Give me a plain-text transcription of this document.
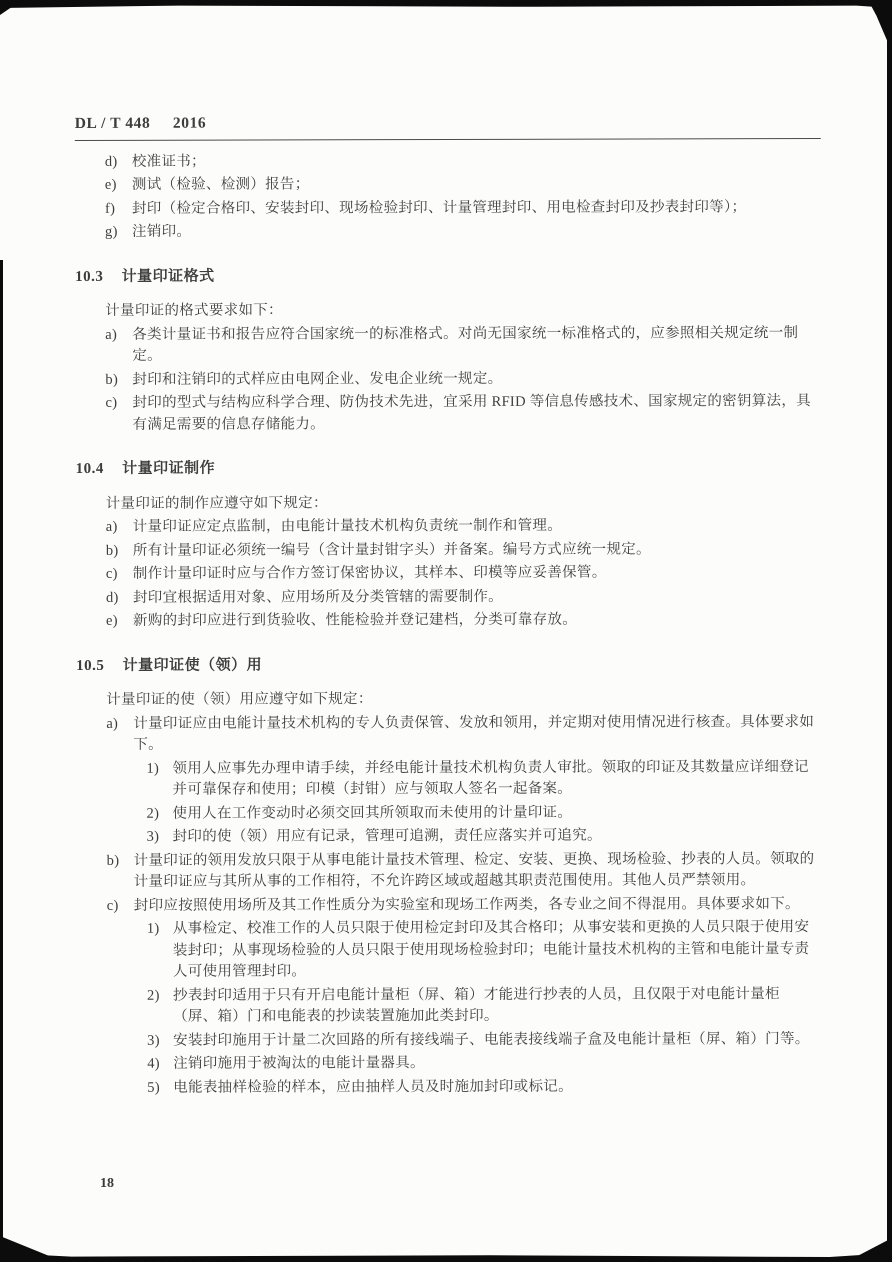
DL / T 448 2016
d) 校准证书；
e)	测试（检验、检测）报告；
f)	封印（检定合格印、安装封印、现场检验封印、计量管理封印、用电检查封印及抄表封印等）；
g) 注销印。
10.3 计量印证格式
计量印证的格式要求如下：
a)	各类计量证书和报告应符合国家统一的标准格式。对尚无国家统一标准格式的，应参照相关规定统一制定。
b) 封印和注销印的式样应由电网企业、发电企业统一规定。
c)	封印的型式与结构应科学合理、防伪技术先进，宜采用 RFID 等信息传感技术、国家规定的密钥算法，具有满足需要的信息存储能力。
10.4 计量印证制作
计量印证的制作应遵守如下规定：
a)	计量印证应定点监制，由电能计量技术机构负责统一制作和管理。
b) 所有计量印证必须统一编号（含计量封钳字头）并备案。编号方式应统一规定。
c)	制作计量印证时应与合作方签订保密协议，其样本、印模等应妥善保管。
d) 封印宜根据适用对象、应用场所及分类管辖的需要制作。
e)	新购的封印应进行到货验收、性能检验并登记建档，分类可靠存放。
10.5 计量印证使（领）用
计量印证的使（领）用应遵守如下规定：
a)	计量印证应由电能计量技术机构的专人负责保管、发放和领用，并定期对使用情况进行核查。具体要求如下。
1) 领用人应事先办理申请手续，并经电能计量技术机构负责人审批。领取的印证及其数量应详细登记并可靠保存和使用；印模（封钳）应与领取人签名一起备案。
2) 使用人在工作变动时必须交回其所领取而未使用的计量印证。
3) 封印的使（领）用应有记录，管理可追溯，责任应落实并可追究。
b) 计量印证的领用发放只限于从事电能计量技术管理、检定、安装、更换、现场检验、抄表的人员。领取的计量印证应与其所从事的工作相符，不允许跨区域或超越其职责范围使用。其他人员严禁领用。
c)	封印应按照使用场所及其工作性质分为实验室和现场工作两类，各专业之间不得混用。具体要求如下。
1) 从事检定、校准工作的人员只限于使用检定封印及其合格印；从事安装和更换的人员只限于使用安装封印；从事现场检验的人员只限于使用现场检验封印；电能计量技术机构的主管和电能计量专责人可使用管理封印。
2) 抄表封印适用于只有开启电能计量柜（屏、箱）才能进行抄表的人员，且仅限于对电能计量柜（屏、箱）门和电能表的抄读装置施加此类封印。
3) 安装封印施用于计量二次回路的所有接线端子、电能表接线端子盒及电能计量柜（屏、箱）门等。
4) 注销印施用于被淘汰的电能计量器具。
5) 电能表抽样检验的样本，应由抽样人员及时施加封印或标记。
18
